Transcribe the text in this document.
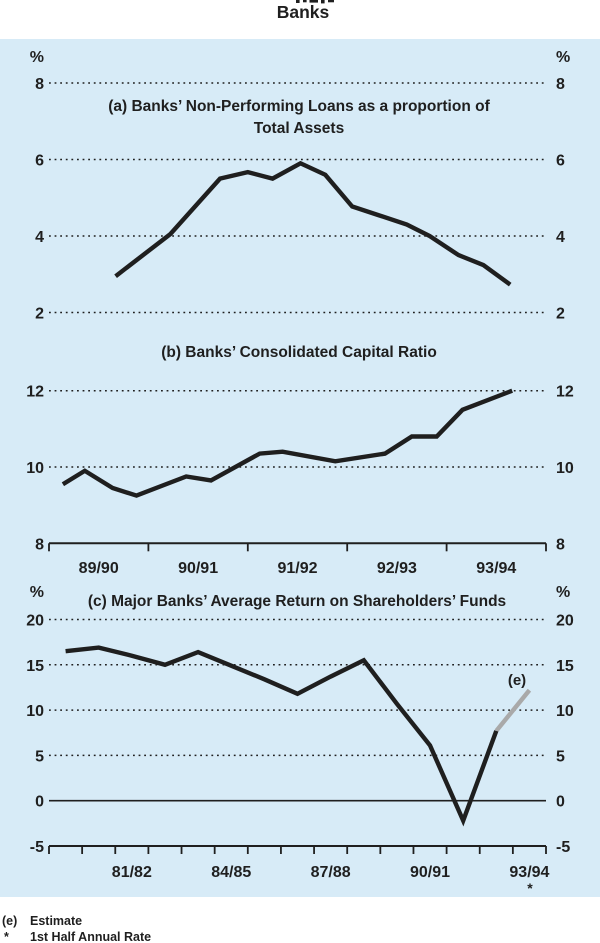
Banks
(a) Banks’ Non-Performing Loans as a proportion of
Total Assets
(b) Banks’ Consolidated Capital Ratio
(c) Major Banks’ Average Return on Shareholders’ Funds
(e)
*
(e) Estimate
* 1st Half Annual Rate
%	%
8	8
6	6
4	4
2	2
12	12
10	10
8	8
89/90	90/91	91/92	92/93	93/94
%	%
20	20
15	15
10	10
5	5
0	0
-5	-5
81/82	84/85	87/88	90/91	93/94
